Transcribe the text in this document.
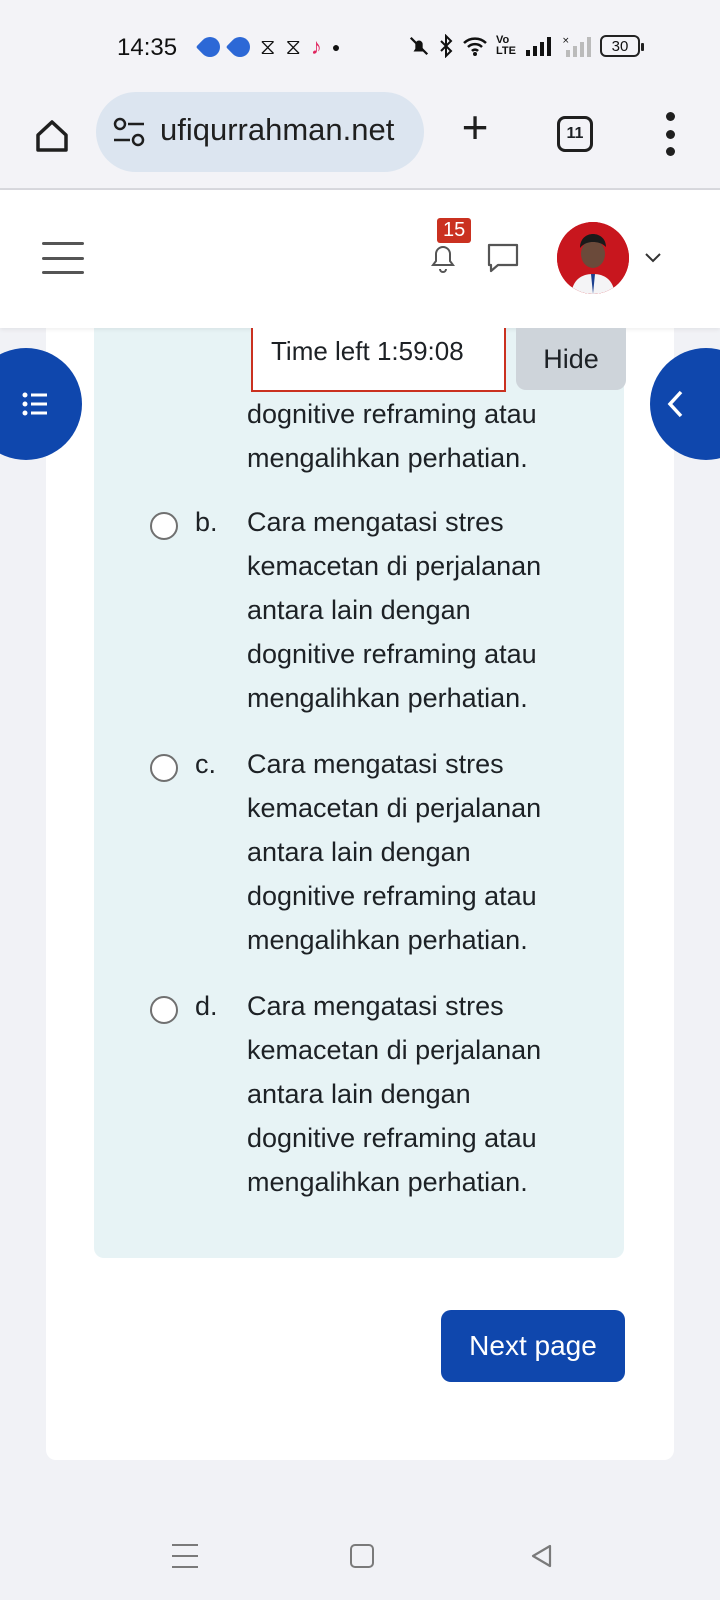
14:35	⧖ ⧖ ♪ ●	Vo LTE
×	30
ufiqurrahman.net +	11
15
dognitive reframing atau
mengalihkan perhatian.
b. Cara mengatasi stres kemacetan di perjalanan antara lain dengan dognitive reframing atau mengalihkan perhatian.
c. Cara mengatasi stres kemacetan di perjalanan antara lain dengan dognitive reframing atau mengalihkan perhatian.
d. Cara mengatasi stres kemacetan di perjalanan antara lain dengan dognitive reframing atau mengalihkan perhatian.
Time left 1:59:08	Hide
Next page
